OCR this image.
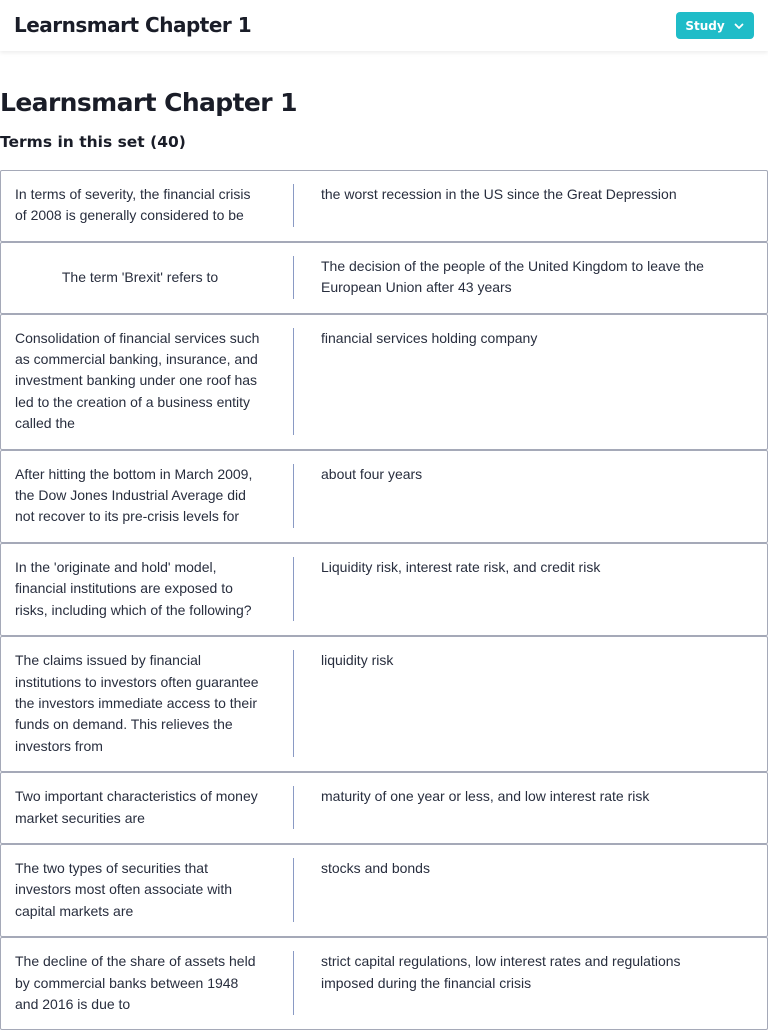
Learnsmart Chapter 1	Study
Learnsmart Chapter 1
Terms in this set (40)
In terms of severity, the financial crisis of 2008 is generally considered to be
the worst recession in the US since the Great Depression
The term 'Brexit' refers to
The decision of the people of the United Kingdom to leave the European Union after 43 years
Consolidation of financial services such as commercial banking, insurance, and investment banking under one roof has led to the creation of a business entity called the
financial services holding company
After hitting the bottom in March 2009, the Dow Jones Industrial Average did not recover to its pre-crisis levels for
about four years
In the 'originate and hold' model, financial institutions are exposed to risks, including which of the following?
Liquidity risk, interest rate risk, and credit risk
The claims issued by financial institutions to investors often guarantee the investors immediate access to their funds on demand. This relieves the investors from
liquidity risk
Two important characteristics of money market securities are
maturity of one year or less, and low interest rate risk
The two types of securities that investors most often associate with capital markets are
stocks and bonds
The decline of the share of assets held by commercial banks between 1948 and 2016 is due to
strict capital regulations, low interest rates and regulations imposed during the financial crisis
